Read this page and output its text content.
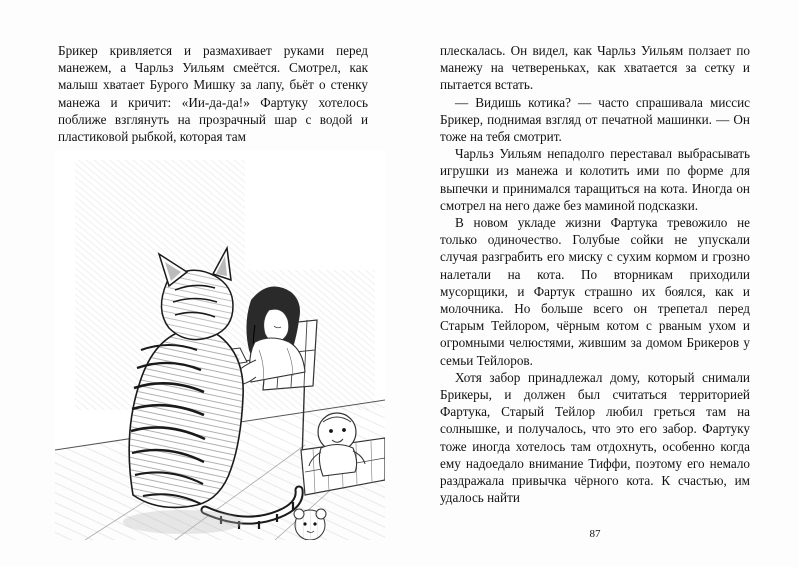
Брикер кривляется и размахивает руками перед манежем, а Чарльз Уильям смеётся. Смотрел, как малыш хватает Бурого Мишку за лапу, бьёт о стенку манежа и кричит: «Ии-да-да!» Фартуку хотелось поближе взглянуть на прозрачный шар с водой и пластиковой рыбкой, которая там

плескалась. Он видел, как Чарльз Уильям ползает по манежу на четвереньках, как хватается за сетку и пытается встать.

— Видишь котика? — часто спрашивала миссис Брикер, поднимая взгляд от печатной машинки. — Он тоже на тебя смотрит.

Чарльз Уильям непадолго переставал выбрасывать игрушки из манежа и колотить ими по форме для выпечки и принимался таращиться на кота. Иногда он смотрел на него даже без маминой подсказки.

В новом укладе жизни Фартука тревожило не только одиночество. Голубые сойки не упускали случая разграбить его миску с сухим кормом и грозно налетали на кота. По вторникам приходили мусорщики, и Фартук страшно их боялся, как и молочника. Но больше всего он трепетал перед Старым Тейлором, чёрным котом с рваным ухом и огромными челюстями, жившим за домом Брикеров у семьи Тейлоров.

Хотя забор принадлежал дому, который снимали Брикеры, и должен был считаться территорией Фартука, Старый Тейлор любил греться там на солнышке, и получалось, что это его забор. Фартуку тоже иногда хотелось там отдохнуть, особенно когда ему надоедало внимание Тиффи, поэтому его немало раздражала привычка чёрного кота. К счастью, им удалось найти

87
